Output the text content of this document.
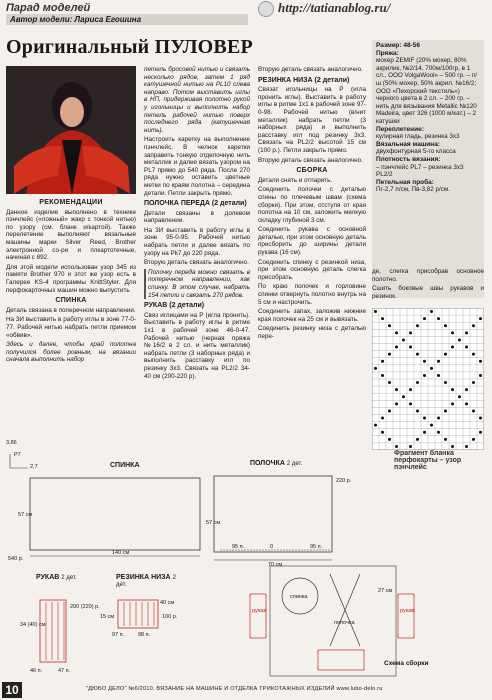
Парад моделей	http://tatianablog.ru/
Автор модели: Лариса Егошина
Оригинальный ПУЛОВЕР
РЕКОМЕНДАЦИИ

Данное изделие выполнено в технике пэнчлейс («ложный» жакр с тонкой нитью) по узору (см. бланк и/картой). Также перелетение выполняют вязальные машины марки Silver Reed, Brother электронной со-ри и плкартотечные, начиная с 892.

Для этой модели использован узор 345 из памяти Brother 970 и этот же узор есть в Галерее KS-4 программы KnittStyler. Для перфокарточных машин можно выпустить

СПИНКА

Деталь связана в поперечном направлении.

На 3И выставить в работу иглы в зоне 77-0-77. Рабочей нитью набрать петли приемом «обвив».

Здесь и далее, чтобы край полотна получился более ровным, на вязании сначала выполнить набор

петель бросовой нитью и связать несколько рядов, затем 1 ряд катушечной нитью на PL10 слева направо. Потом выставить иглы в НП, придерживая полотно рукой у игольницы и выполнить набор петель рабочей нитью поверх последнего ряда (катушечная нить).

Настроить каретку на выполнение пэнчлейс. В челнок каретки заправить тонкую отделочную нить металлик и далее вязать узором на PL7 прямо до 540 ряда. После 270 ряда нужно оставить цветные метки по краям полотна – середина детали. Петли закрыть прямо.

ПОЛОЧКА ПЕРЕДА (2 детали)

Детали связаны в долевом направлении.

На 3И выставить в работу иглы в зоне 95-0-95. Рабочей нитью набрать петли и далее вязать по узору на Pk7 до 220 ряда.

Вторую деталь связать аналогично.

Полочку переда можно связать в поперечном направлении, как спинку. В этом случае, набрать 154 петли и связать 270 рядов.

РУКАВ (2 детали)

Связ иглицами на Р (игла пронить). Выставить в работу иглы в ритме 1х1 в рабочей зоне 46-0-47. Рабочей нитью (черная пряжа №16/2 в 2 сл. и нить металлик) набрать петли (3 наборных ряда) и выполнить расставку игл по резинку 3х3. Связать на PL2/2 34-40 см (200-220 р).

Вторую деталь связать аналогично.

РЕЗИНКА НИЗА (2 детали)

Связат игольницы на Р (игла пронить иглы). Выставить в работу иглы в ритме 1х1 в рабочей зоне 97-0-98. Рабочей нитью (в/нит металлик) набрать петли (3 наборных ряда) и выполнить расставку игл под резинку 3х3. Связать на PL2/2 высотой 15 см (100 р.). Петли закрыть прямо.

Вторую деталь связать аналогично.

СБОРКА

Детали снять и отпарить.

Соединить полочки с деталью спины по плечевым швам (схема сборки). При этом, отступя от края полотна на 10 см, заложить мелкую складку глубиной 3 см.

Соединить рукава с основной деталью, при этом основную деталь присборить до ширины детали рукава (16 см).

Соединить спинку с резинкой низа, при этом основную деталь слегка присобрать.

По краю полочек и горловине спинки отвернуть полотно внутрь на 5 см и настрочить.

Соединить запах, заложив нижние края полочек на 25 см и вывязать.

Соединить резинку низа с деталью пере-

Размер: 48-56
Пряжа:
мохер ZEMIF (20% мохер, 80% акрилик, №2/14, 700м/100гр, в 1 сл., ООО VolgaWool» – 500 гр. – п/ш (50% мохер, 50% акрил. №16/2; ООО «Пехорский текстиль») черного цвета в 2 сл. – 200 гр. – нить для вязывания Metallic №120 Madeira, цвет 326 (1000 м/кат.) – 2 катушки
Переплетение:
кулирная гладь, резинка 3х3
Вязальная машина:
двухфонтурная 5-го класса
Плотность вязания:
– пэнчлейс PL7 – резинка 3х3 PL2/2
Петельная проба:
Пг-2,7 п/см, Пв-3,82 р/см.

де, слегка присобрав основное полотно.

Сшить боковые швы рукавов и резинок.

Фрагмент бланка перфокарты – узор пэнчлейс
СПИНКА	ПОЛОЧКА 2 дет.
РУКАВ 2 дет.	РЕЗИНКА НИЗА 2 дет.
Схема сборки
3,86
P7
2,7
57 см
140 см
540 р.
220 р.
70 см
95 п.	0	95 п.
57 см
200 (220) р.
34 (40) см
46 п.	47 п.
97 п.	98 п.
100 р.
15 см
40 см
27 см
рукав
спинка
полочка
рукав
10	"ДЮБО ДЕЛО" №6/2010. ВЯЗАНИЕ НА МАШИНЕ И ОТДЕЛКА ТРИКОТАЖНЫХ ИЗДЕЛИЙ www.lubo-delo.ru
